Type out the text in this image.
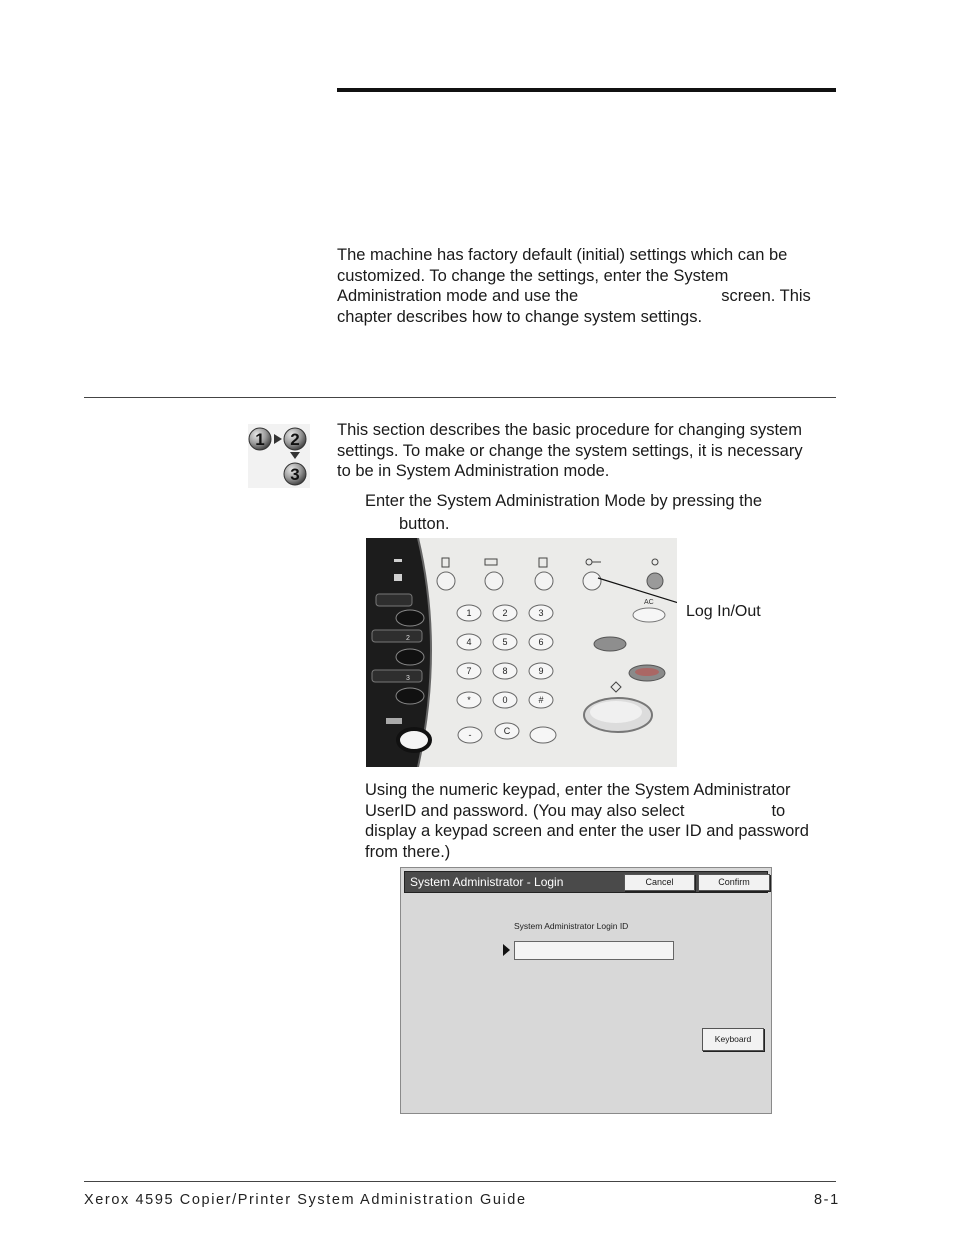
The machine has factory default (initial) settings which can be
customized. To change the settings, enter the System
Administration mode and use the	screen. This
chapter describes how to change system settings.
1 2
3
This section describes the basic procedure for changing system
settings. To make or change the system settings, it is necessary
to be in System Administration mode.
Enter the System Administration Mode by pressing the
button.
2
3
AC
1	2	3
4	5	6
7	8	9
*	0	#
-	C
Log In/Out
Using the numeric keypad, enter the System Administrator
UserID and password. (You may also select	to
display a keypad screen and enter the user ID and password
from there.)
System Administrator - Login	Cancel	Confirm
System Administrator Login ID
Keyboard
Xerox 4595 Copier/Printer System Administration Guide	8-1
